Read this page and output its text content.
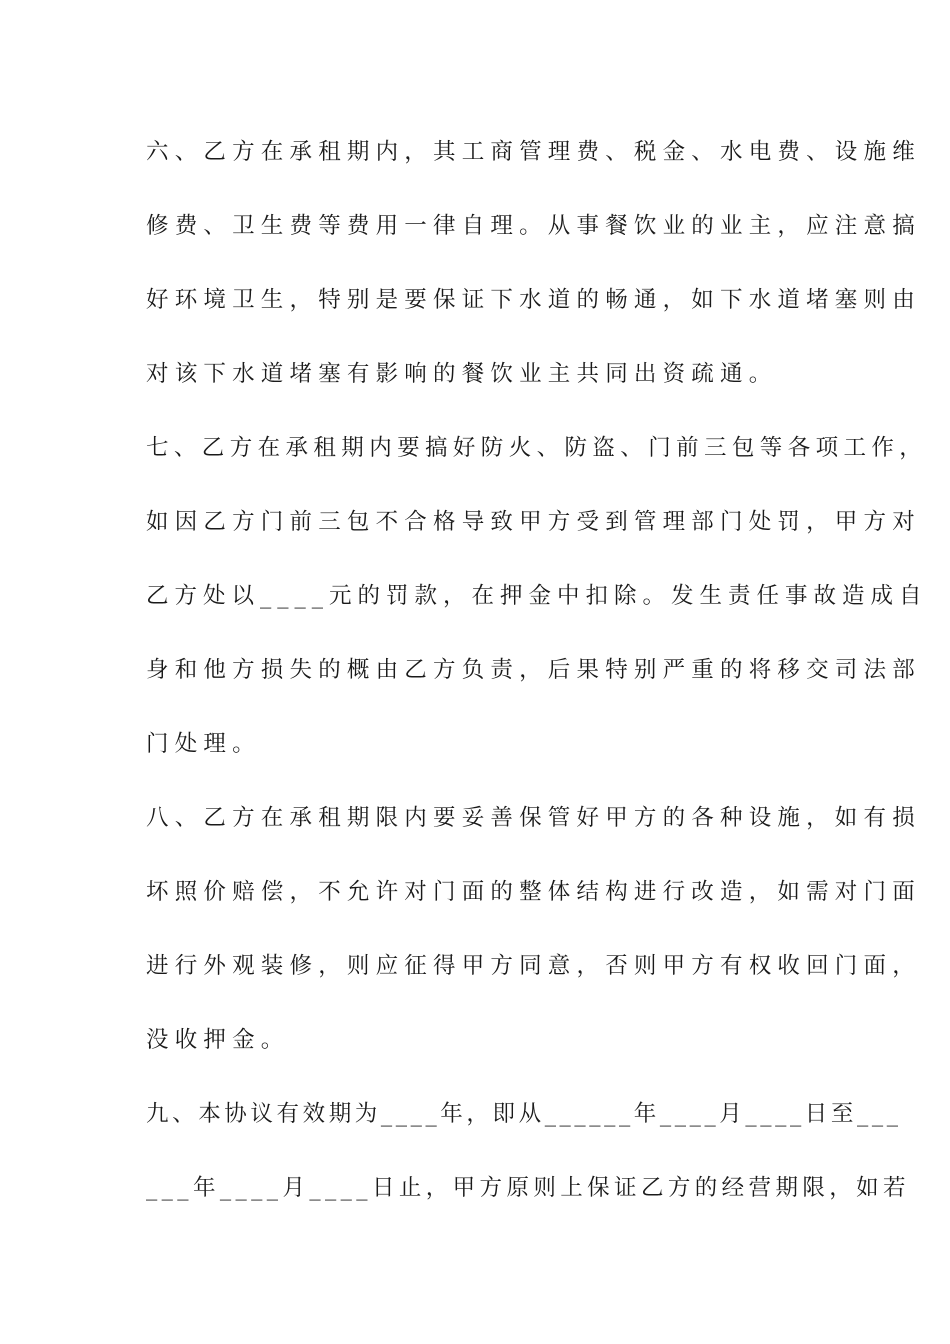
六、乙方在承租期内，其工商管理费、税金、水电费、设施维
修费、卫生费等费用一律自理。从事餐饮业的业主，应注意搞
好环境卫生，特别是要保证下水道的畅通，如下水道堵塞则由
对该下水道堵塞有影响的餐饮业主共同出资疏通。
七、乙方在承租期内要搞好防火、防盗、门前三包等各项工作，
如因乙方门前三包不合格导致甲方受到管理部门处罚，甲方对
乙方处以____元的罚款，在押金中扣除。发生责任事故造成自
身和他方损失的概由乙方负责，后果特别严重的将移交司法部
门处理。
八、乙方在承租期限内要妥善保管好甲方的各种设施，如有损
坏照价赔偿，不允许对门面的整体结构进行改造，如需对门面
进行外观装修，则应征得甲方同意，否则甲方有权收回门面，
没收押金。
九、本协议有效期为____年，即从______年____月____日至___
___年____月____日止，甲方原则上保证乙方的经营期限，如若
